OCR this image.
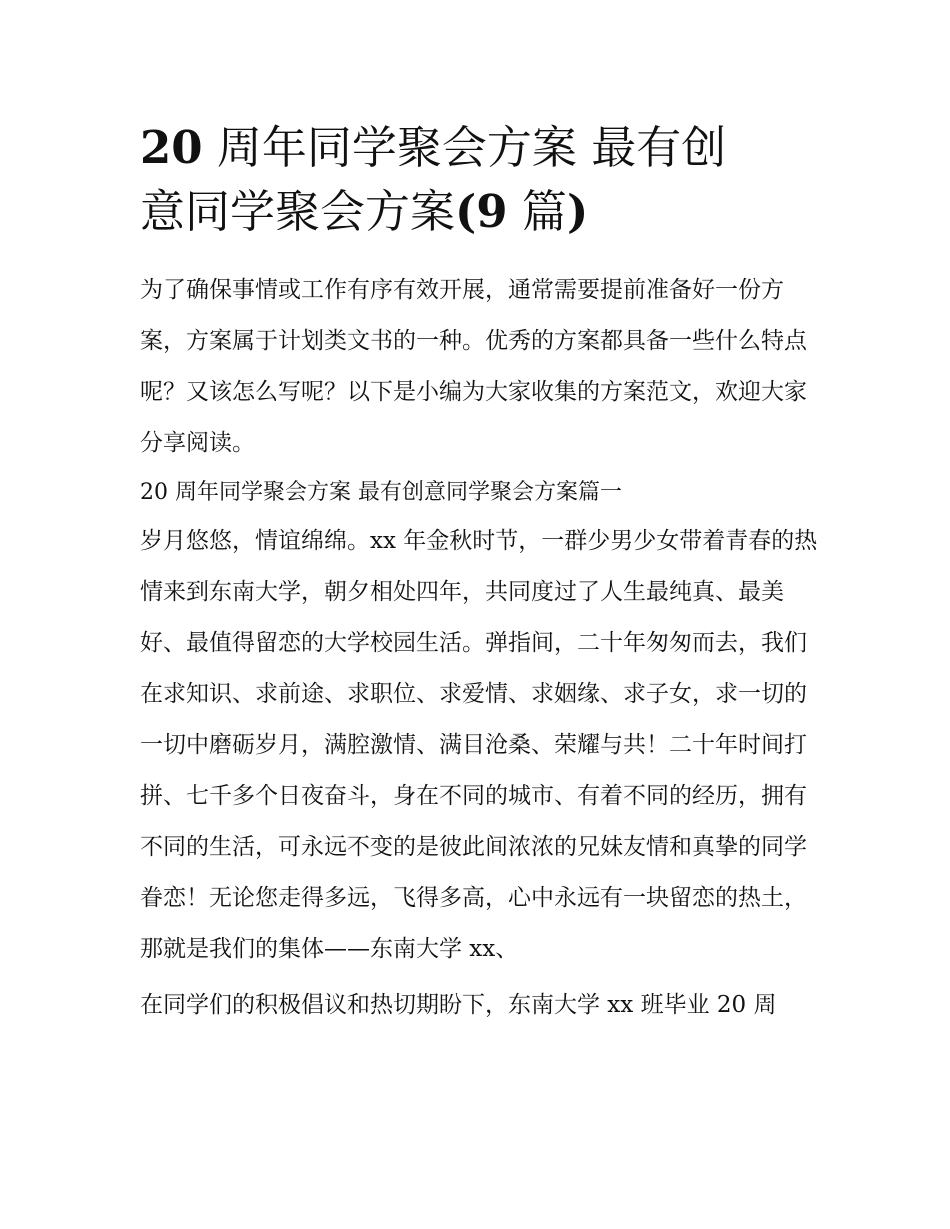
20 周年同学聚会方案 最有创
意同学聚会方案(9 篇)

为了确保事情或工作有序有效开展，通常需要提前准备好一份方案，方案属于计划类文书的一种。优秀的方案都具备一些什么特点呢？又该怎么写呢？以下是小编为大家收集的方案范文，欢迎大家分享阅读。

20 周年同学聚会方案 最有创意同学聚会方案篇一

岁月悠悠，情谊绵绵。xx 年金秋时节，一群少男少女带着青春的热情来到东南大学，朝夕相处四年，共同度过了人生最纯真、最美好、最值得留恋的大学校园生活。弹指间，二十年匆匆而去，我们在求知识、求前途、求职位、求爱情、求姻缘、求子女，求一切的一切中磨砺岁月，满腔激情、满目沧桑、荣耀与共！二十年时间打拼、七千多个日夜奋斗，身在不同的城市、有着不同的经历，拥有不同的生活，可永远不变的是彼此间浓浓的兄妹友情和真挚的同学眷恋！无论您走得多远，飞得多高，心中永远有一块留恋的热土，那就是我们的集体——东南大学 xx、

在同学们的积极倡议和热切期盼下，东南大学 xx 班毕业 20 周
